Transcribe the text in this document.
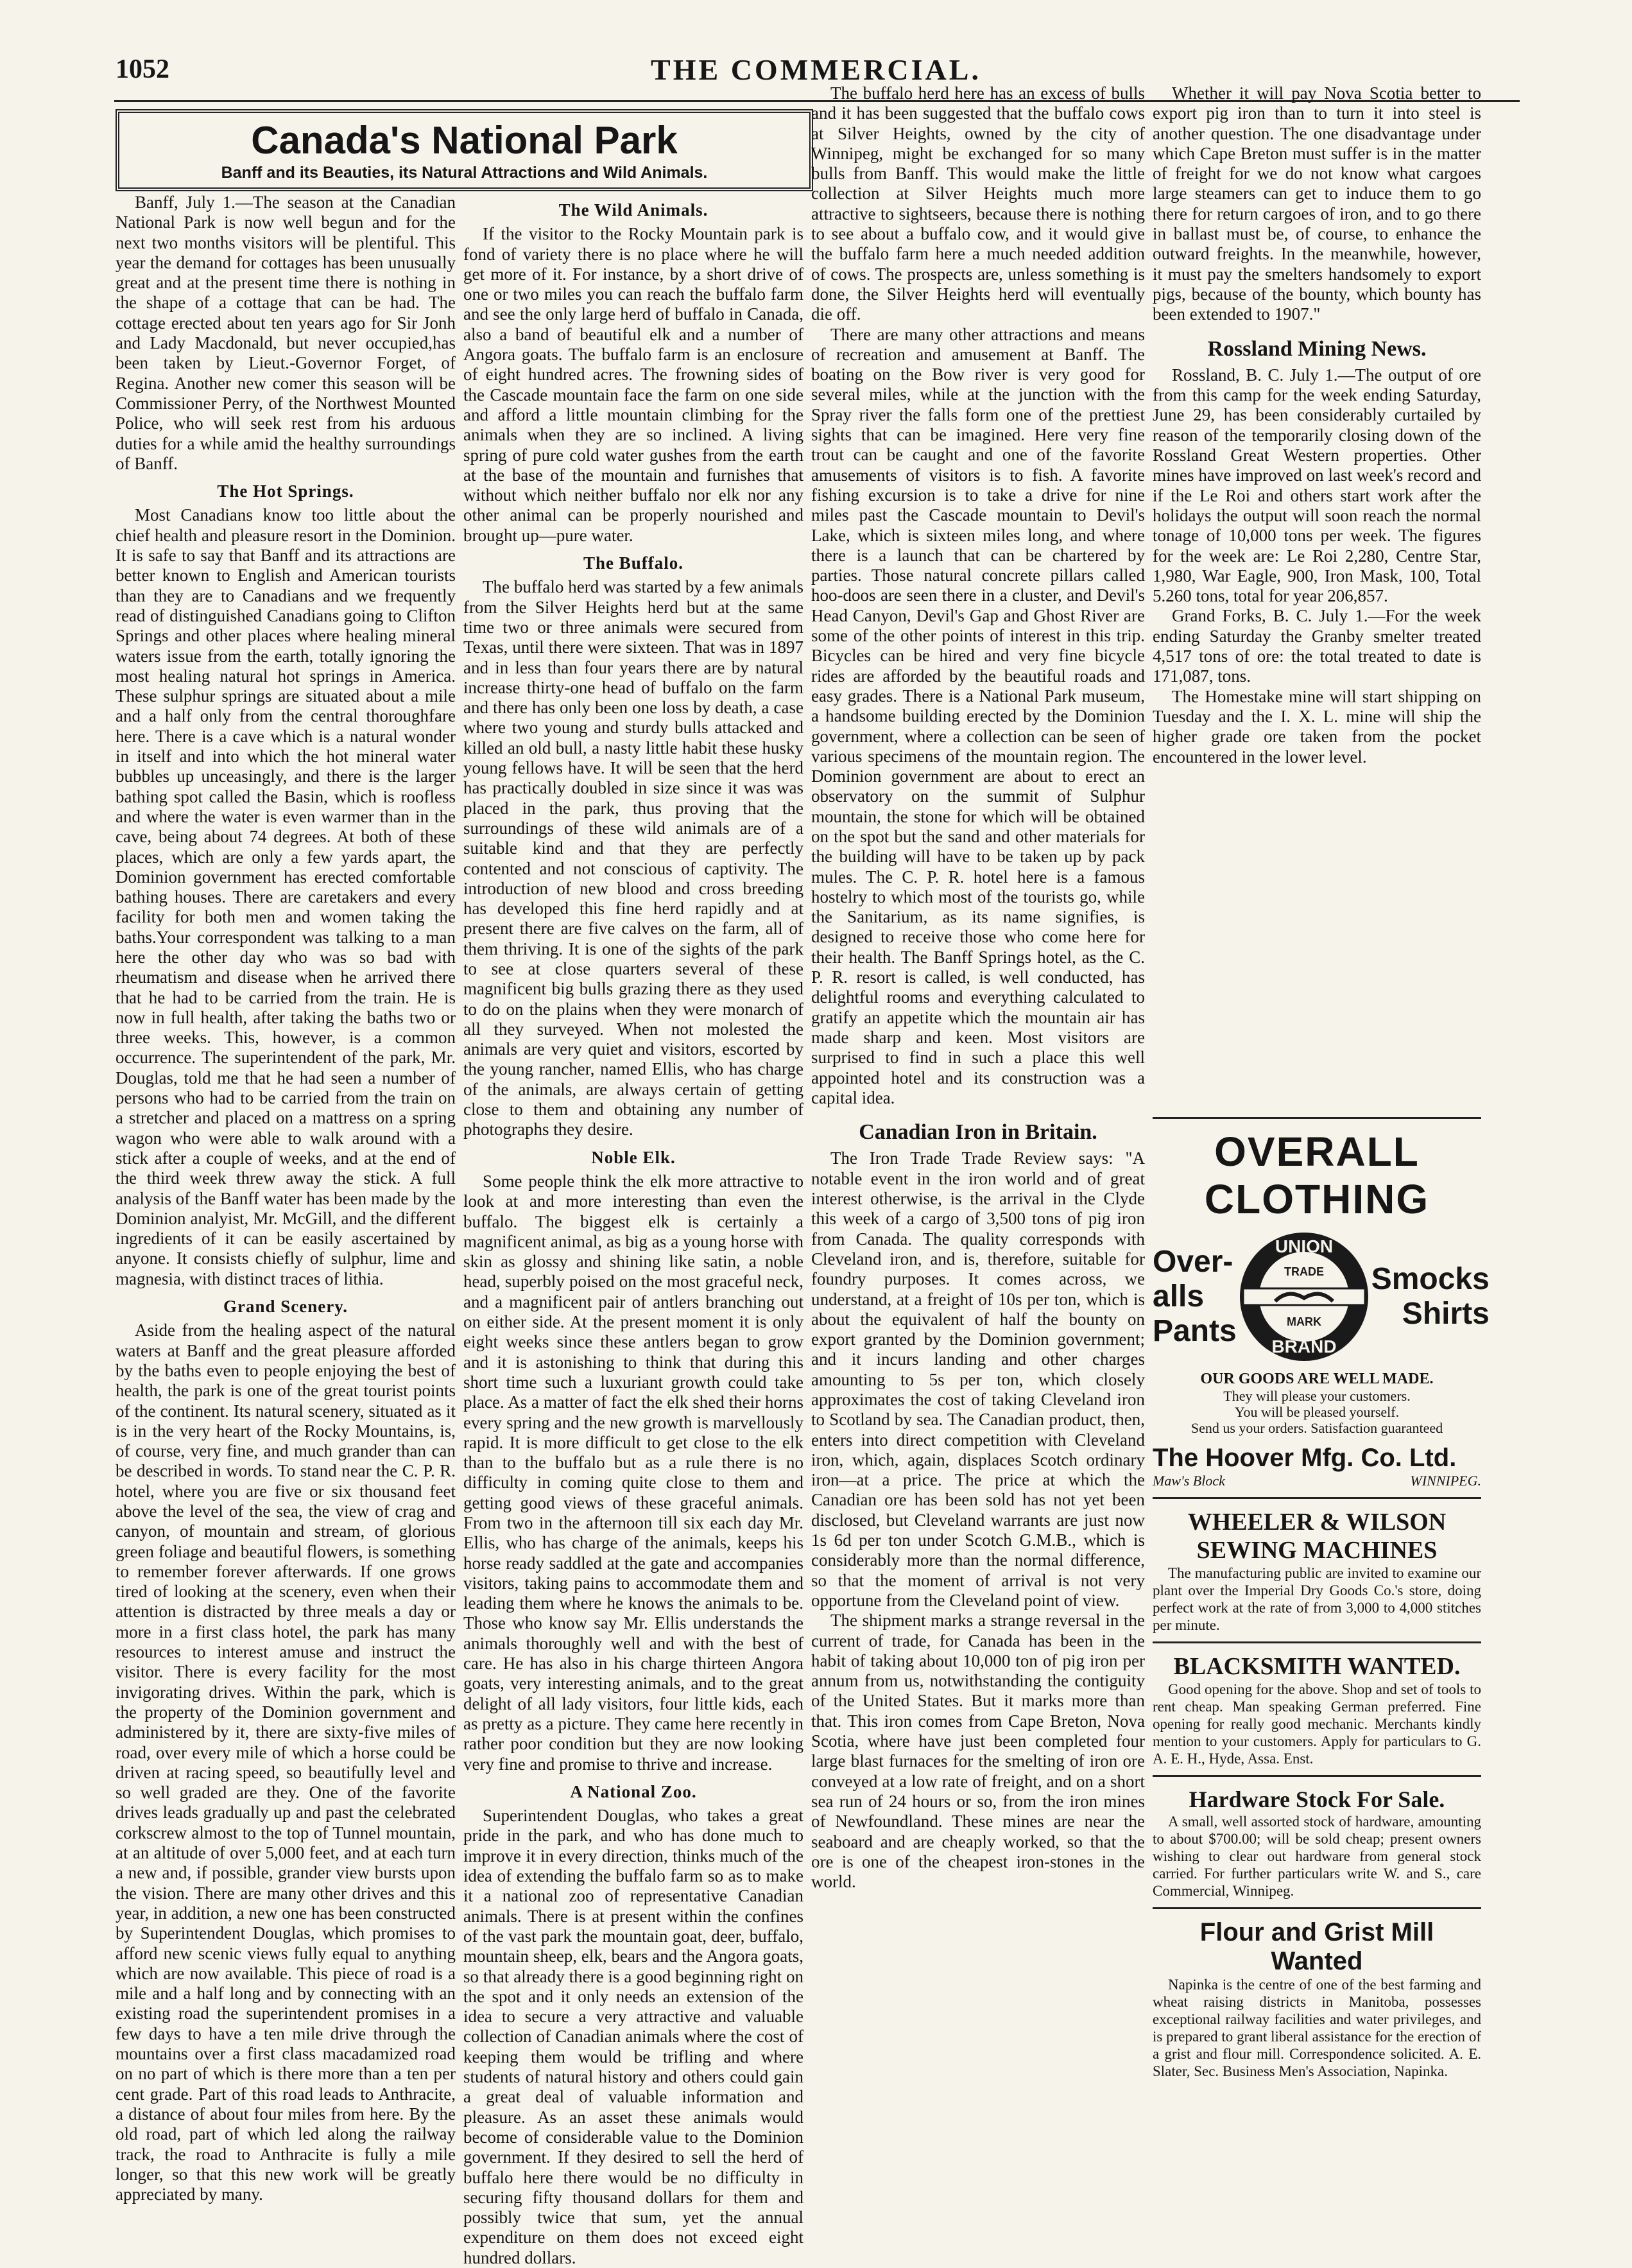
1052	THE COMMERCIAL.
Canada's National Park
Banff and its Beauties, its Natural Attractions and Wild Animals.

Banff, July 1.—The season at the Canadian National Park is now well begun and for the next two months visitors will be plentiful. This year the demand for cottages has been unusually great and at the present time there is nothing in the shape of a cottage that can be had. The cottage erected about ten years ago for Sir Jonh and Lady Macdonald, but never occupied,has been taken by Lieut.-Governor Forget, of Regina. Another new comer this season will be Commissioner Perry, of the Northwest Mounted Police, who will seek rest from his arduous duties for a while amid the healthy surroundings of Banff.

The Hot Springs.

Most Canadians know too little about the chief health and pleasure resort in the Dominion. It is safe to say that Banff and its attractions are better known to English and American tourists than they are to Canadians and we frequently read of distinguished Canadians going to Clifton Springs and other places where healing mineral waters issue from the earth, totally ignoring the most healing natural hot springs in America. These sulphur springs are situated about a mile and a half only from the central thoroughfare here. There is a cave which is a natural wonder in itself and into which the hot mineral water bubbles up unceasingly, and there is the larger bathing spot called the Basin, which is roofless and where the water is even warmer than in the cave, being about 74 degrees. At both of these places, which are only a few yards apart, the Dominion government has erected comfortable bathing houses. There are caretakers and every facility for both men and women taking the baths.Your correspondent was talking to a man here the other day who was so bad with rheumatism and disease when he arrived there that he had to be carried from the train. He is now in full health, after taking the baths two or three weeks. This, however, is a common occurrence. The superintendent of the park, Mr. Douglas, told me that he had seen a number of persons who had to be carried from the train on a stretcher and placed on a mattress on a spring wagon who were able to walk around with a stick after a couple of weeks, and at the end of the third week threw away the stick. A full analysis of the Banff water has been made by the Dominion analyist, Mr. McGill, and the different ingredients of it can be easily ascertained by anyone. It consists chiefly of sulphur, lime and magnesia, with distinct traces of lithia.

Grand Scenery.

Aside from the healing aspect of the natural waters at Banff and the great pleasure afforded by the baths even to people enjoying the best of health, the park is one of the great tourist points of the continent. Its natural scenery, situated as it is in the very heart of the Rocky Mountains, is, of course, very fine, and much grander than can be described in words. To stand near the C. P. R. hotel, where you are five or six thousand feet above the level of the sea, the view of crag and canyon, of mountain and stream, of glorious green foliage and beautiful flowers, is something to remember forever afterwards. If one grows tired of looking at the scenery, even when their attention is distracted by three meals a day or more in a first class hotel, the park has many resources to interest amuse and instruct the visitor. There is every facility for the most invigorating drives. Within the park, which is the property of the Dominion government and administered by it, there are sixty-five miles of road, over every mile of which a horse could be driven at racing speed, so beautifully level and so well graded are they. One of the favorite drives leads gradually up and past the celebrated corkscrew almost to the top of Tunnel mountain, at an altitude of over 5,000 feet, and at each turn a new and, if possible, grander view bursts upon the vision. There are many other drives and this year, in addition, a new one has been constructed by Superintendent Douglas, which promises to afford new scenic views fully equal to anything which are now available. This piece of road is a mile and a half long and by connecting with an existing road the superintendent promises in a few days to have a ten mile drive through the mountains over a first class macadamized road on no part of which is there more than a ten per cent grade. Part of this road leads to Anthracite, a distance of about four miles from here. By the old road, part of which led along the railway track, the road to Anthracite is fully a mile longer, so that this new work will be greatly appreciated by many.

The Wild Animals.

If the visitor to the Rocky Mountain park is fond of variety there is no place where he will get more of it. For instance, by a short drive of one or two miles you can reach the buffalo farm and see the only large herd of buffalo in Canada, also a band of beautiful elk and a number of Angora goats. The buffalo farm is an enclosure of eight hundred acres. The frowning sides of the Cascade mountain face the farm on one side and afford a little mountain climbing for the animals when they are so inclined. A living spring of pure cold water gushes from the earth at the base of the mountain and furnishes that without which neither buffalo nor elk nor any other animal can be properly nourished and brought up—pure water.

The Buffalo.

The buffalo herd was started by a few animals from the Silver Heights herd but at the same time two or three animals were secured from Texas, until there were sixteen. That was in 1897 and in less than four years there are by natural increase thirty-one head of buffalo on the farm and there has only been one loss by death, a case where two young and sturdy bulls attacked and killed an old bull, a nasty little habit these husky young fellows have. It will be seen that the herd has practically doubled in size since it was was placed in the park, thus proving that the surroundings of these wild animals are of a suitable kind and that they are perfectly contented and not conscious of captivity. The introduction of new blood and cross breeding has developed this fine herd rapidly and at present there are five calves on the farm, all of them thriving. It is one of the sights of the park to see at close quarters several of these magnificent big bulls grazing there as they used to do on the plains when they were monarch of all they surveyed. When not molested the animals are very quiet and visitors, escorted by the young rancher, named Ellis, who has charge of the animals, are always certain of getting close to them and obtaining any number of photographs they desire.

Noble Elk.

Some people think the elk more attractive to look at and more interesting than even the buffalo. The biggest elk is certainly a magnificent animal, as big as a young horse with skin as glossy and shining like satin, a noble head, superbly poised on the most graceful neck, and a magnificent pair of antlers branching out on either side. At the present moment it is only eight weeks since these antlers began to grow and it is astonishing to think that during this short time such a luxuriant growth could take place. As a matter of fact the elk shed their horns every spring and the new growth is marvellously rapid. It is more difficult to get close to the elk than to the buffalo but as a rule there is no difficulty in coming quite close to them and getting good views of these graceful animals. From two in the afternoon till six each day Mr. Ellis, who has charge of the animals, keeps his horse ready saddled at the gate and accompanies visitors, taking pains to accommodate them and leading them where he knows the animals to be. Those who know say Mr. Ellis understands the animals thoroughly well and with the best of care. He has also in his charge thirteen Angora goats, very interesting animals, and to the great delight of all lady visitors, four little kids, each as pretty as a picture. They came here recently in rather poor condition but they are now looking very fine and promise to thrive and increase.

A National Zoo.

Superintendent Douglas, who takes a great pride in the park, and who has done much to improve it in every direction, thinks much of the idea of extending the buffalo farm so as to make it a national zoo of representative Canadian animals. There is at present within the confines of the vast park the mountain goat, deer, buffalo, mountain sheep, elk, bears and the Angora goats, so that already there is a good beginning right on the spot and it only needs an extension of the idea to secure a very attractive and valuable collection of Canadian animals where the cost of keeping them would be trifling and where students of natural history and others could gain a great deal of valuable information and pleasure. As an asset these animals would become of considerable value to the Dominion government. If they desired to sell the herd of buffalo here there would be no difficulty in securing fifty thousand dollars for them and possibly twice that sum, yet the annual expenditure on them does not exceed eight hundred dollars.

The buffalo herd here has an excess of bulls and it has been suggested that the buffalo cows at Silver Heights, owned by the city of Winnipeg, might be exchanged for so many bulls from Banff. This would make the little collection at Silver Heights much more attractive to sightseers, because there is nothing to see about a buffalo cow, and it would give the buffalo farm here a much needed addition of cows. The prospects are, unless something is done, the Silver Heights herd will eventually die off.

There are many other attractions and means of recreation and amusement at Banff. The boating on the Bow river is very good for several miles, while at the junction with the Spray river the falls form one of the prettiest sights that can be imagined. Here very fine trout can be caught and one of the favorite amusements of visitors is to fish. A favorite fishing excursion is to take a drive for nine miles past the Cascade mountain to Devil's Lake, which is sixteen miles long, and where there is a launch that can be chartered by parties. Those natural concrete pillars called hoo-doos are seen there in a cluster, and Devil's Head Canyon, Devil's Gap and Ghost River are some of the other points of interest in this trip. Bicycles can be hired and very fine bicycle rides are afforded by the beautiful roads and easy grades. There is a National Park museum, a handsome building erected by the Dominion government, where a collection can be seen of various specimens of the mountain region. The Dominion government are about to erect an observatory on the summit of Sulphur mountain, the stone for which will be obtained on the spot but the sand and other materials for the building will have to be taken up by pack mules. The C. P. R. hotel here is a famous hostelry to which most of the tourists go, while the Sanitarium, as its name signifies, is designed to receive those who come here for their health. The Banff Springs hotel, as the C. P. R. resort is called, is well conducted, has delightful rooms and everything calculated to gratify an appetite which the mountain air has made sharp and keen. Most visitors are surprised to find in such a place this well appointed hotel and its construction was a capital idea.

Canadian Iron in Britain.

The Iron Trade Trade Review says: "A notable event in the iron world and of great interest otherwise, is the arrival in the Clyde this week of a cargo of 3,500 tons of pig iron from Canada. The quality corresponds with Cleveland iron, and is, therefore, suitable for foundry purposes. It comes across, we understand, at a freight of 10s per ton, which is about the equivalent of half the bounty on export granted by the Dominion government; and it incurs landing and other charges amounting to 5s per ton, which closely approximates the cost of taking Cleveland iron to Scotland by sea. The Canadian product, then, enters into direct competition with Cleveland iron, which, again, displaces Scotch ordinary iron—at a price. The price at which the Canadian ore has been sold has not yet been disclosed, but Cleveland warrants are just now 1s 6d per ton under Scotch G.M.B., which is considerably more than the normal difference, so that the moment of arrival is not very opportune from the Cleveland point of view.

The shipment marks a strange reversal in the current of trade, for Canada has been in the habit of taking about 10,000 ton of pig iron per annum from us, notwithstanding the contiguity of the United States. But it marks more than that. This iron comes from Cape Breton, Nova Scotia, where have just been completed four large blast furnaces for the smelting of iron ore conveyed at a low rate of freight, and on a short sea run of 24 hours or so, from the iron mines of Newfoundland. These mines are near the seaboard and are cheaply worked, so that the ore is one of the cheapest iron-stones in the world.

Whether it will pay Nova Scotia better to export pig iron than to turn it into steel is another question. The one disadvantage under which Cape Breton must suffer is in the matter of freight for we do not know what cargoes large steamers can get to induce them to go there for return cargoes of iron, and to go there in ballast must be, of course, to enhance the outward freights. In the meanwhile, however, it must pay the smelters handsomely to export pigs, because of the bounty, which bounty has been extended to 1907."

Rossland Mining News.

Rossland, B. C. July 1.—The output of ore from this camp for the week ending Saturday, June 29, has been considerably curtailed by reason of the temporarily closing down of the Rossland Great Western properties. Other mines have improved on last week's record and if the Le Roi and others start work after the holidays the output will soon reach the normal tonage of 10,000 tons per week. The figures for the week are: Le Roi 2,280, Centre Star, 1,980, War Eagle, 900, Iron Mask, 100, Total 5.260 tons, total for year 206,857.

Grand Forks, B. C. July 1.—For the week ending Saturday the Granby smelter treated 4,517 tons of ore: the total treated to date is 171,087, tons.

The Homestake mine will start shipping on Tuesday and the I. X. L. mine will ship the higher grade ore taken from the pocket encountered in the lower level.

OVERALL CLOTHING
Over-
alls
Pants
UNION
TRADE
MARK
BRAND
Smocks
Shirts
OUR GOODS ARE WELL MADE.
They will please your customers.
You will be pleased yourself.
Send us your orders. Satisfaction guaranteed
The Hoover Mfg. Co. Ltd.
Maw's Block	WINNIPEG.
WHEELER & WILSON
SEWING MACHINES
The manufacturing public are invited to examine our plant over the Imperial Dry Goods Co.'s store, doing perfect work at the rate of from 3,000 to 4,000 stitches per minute.
BLACKSMITH WANTED.
Good opening for the above. Shop and set of tools to rent cheap. Man speaking German preferred. Fine opening for really good mechanic. Merchants kindly mention to your customers. Apply for particulars to G. A. E. H., Hyde, Assa. Enst.
Hardware Stock For Sale.
A small, well assorted stock of hardware, amounting to about $700.00; will be sold cheap; present owners wishing to clear out hardware from general stock carried. For further particulars write W. and S., care Commercial, Winnipeg.
Flour and Grist Mill Wanted
Napinka is the centre of one of the best farming and wheat raising districts in Manitoba, possesses exceptional railway facilities and water privileges, and is prepared to grant liberal assistance for the erection of a grist and flour mill. Correspondence solicited. A. E. Slater, Sec. Business Men's Association, Napinka.
